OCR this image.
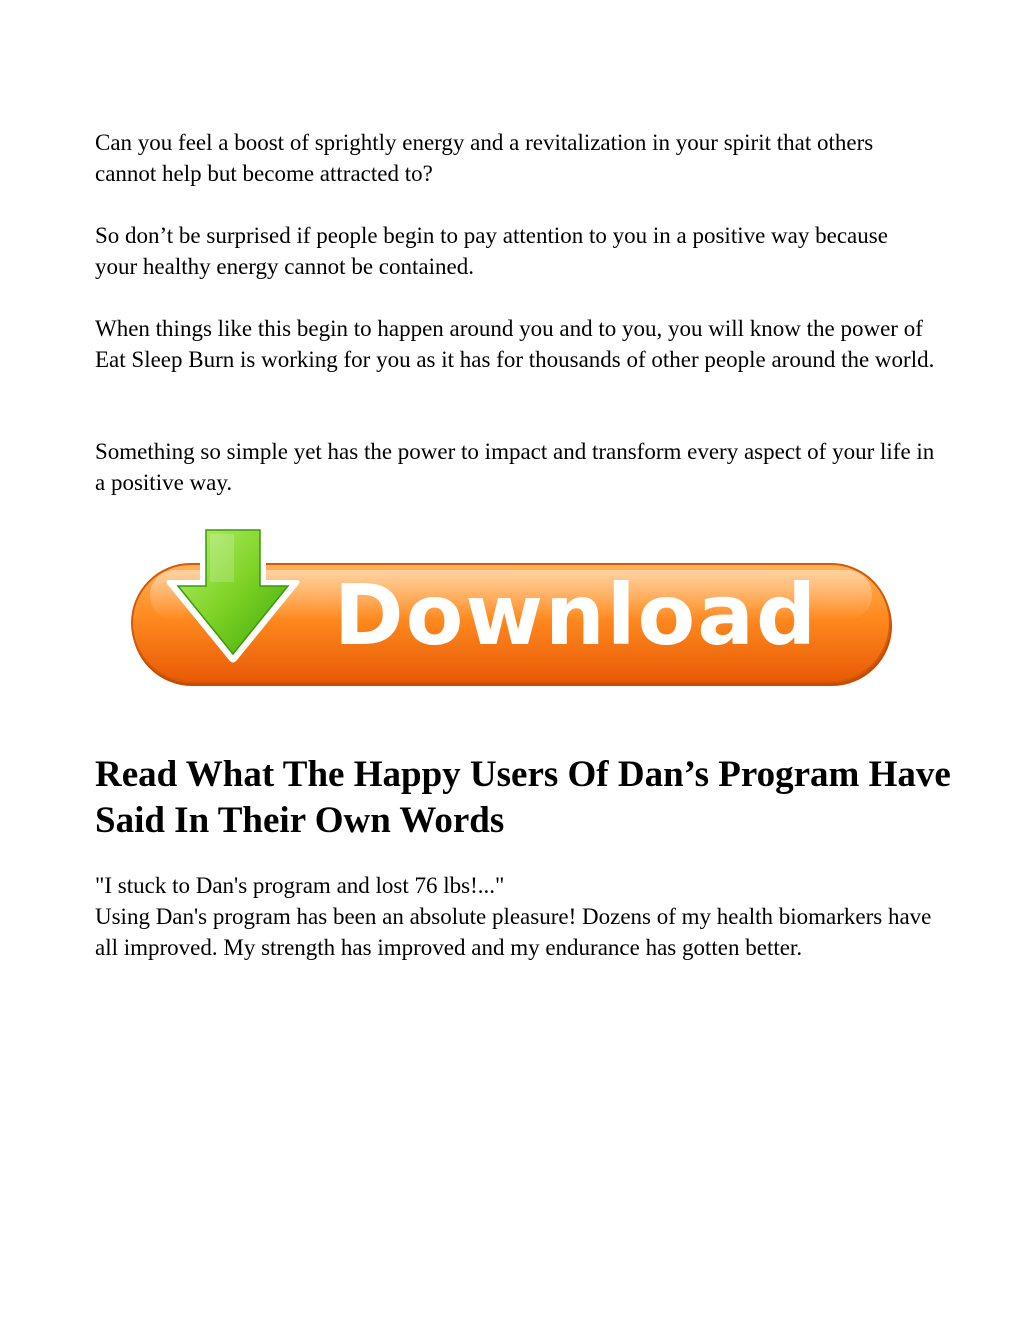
Can you feel a boost of sprightly energy and a revitalization in your spirit that others cannot help but become attracted to?

So don’t be surprised if people begin to pay attention to you in a positive way because your healthy energy cannot be contained.

When things like this begin to happen around you and to you, you will know the power of Eat Sleep Burn is working for you as it has for thousands of other people around the world.

Something so simple yet has the power to impact and transform every aspect of your life in a positive way.

Download
Read What The Happy Users Of Dan’s Program Have Said In Their Own Words

"I stuck to Dan's program and lost 76 lbs!..."

Using Dan's program has been an absolute pleasure! Dozens of my health biomarkers have all improved. My strength has improved and my endurance has gotten better.
